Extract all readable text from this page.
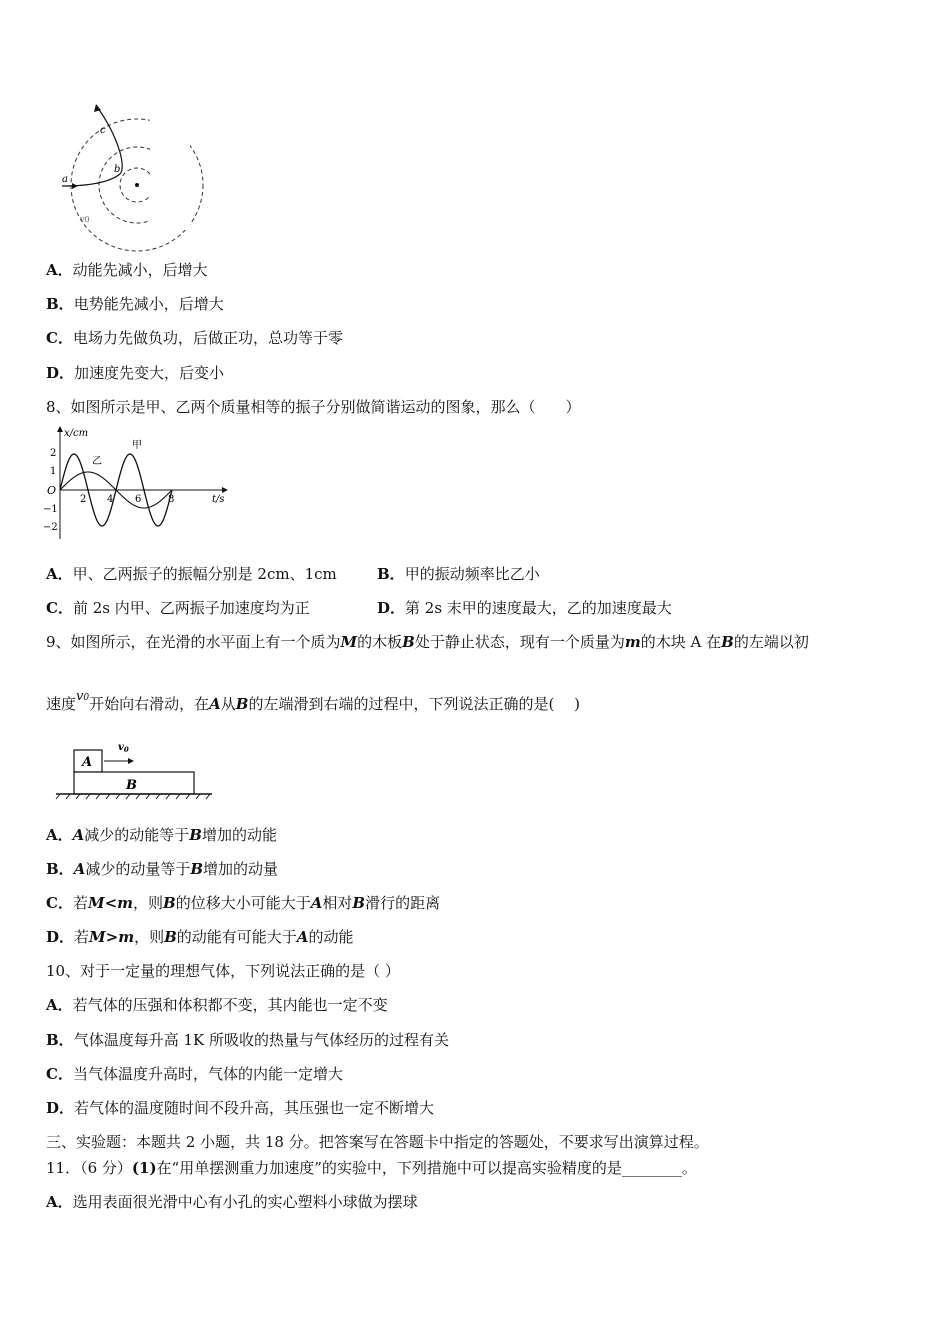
a
b
c
v0
A．动能先减小，后增大
B．电势能先减小，后增大
C．电场力先做负功，后做正功，总功等于零
D．加速度先变大，后变小
8、如图所示是甲、乙两个质量相等的振子分别做简谐运动的图象，那么（　　）
x/cm
t/s
O
2
1
−1
−2
2 4 6	8
甲
乙
A．甲、乙两振子的振幅分别是 2cm、1cm	B．甲的振动频率比乙小
C．前 2s 内甲、乙两振子加速度均为正	D．第 2s 末甲的速度最大，乙的加速度最大
9、如图所示，在光滑的水平面上有一个质为M的木板B处于静止状态，现有一个质量为m的木块 A 在B的左端以初
速度v0开始向右滑动，在A从B的左端滑到右端的过程中，下列说法正确的是(　 )
A
B
$v_0$
A．A减少的动能等于B增加的动能
B．A减少的动量等于B增加的动量
C．若M<m，则B的位移大小可能大于A相对B滑行的距离
D．若M>m，则B的动能有可能大于A的动能
10、对于一定量的理想气体，下列说法正确的是（ ）
A．若气体的压强和体积都不变，其内能也一定不变
B．气体温度每升高 1K 所吸收的热量与气体经历的过程有关
C．当气体温度升高时，气体的内能一定增大
D．若气体的温度随时间不段升高，其压强也一定不断增大
三、实验题：本题共 2 小题，共 18 分。把答案写在答题卡中指定的答题处，不要求写出演算过程。
11．（6 分）(1)在“用单摆测重力加速度”的实验中，下列措施中可以提高实验精度的是________。
A．选用表面很光滑中心有小孔的实心塑料小球做为摆球
